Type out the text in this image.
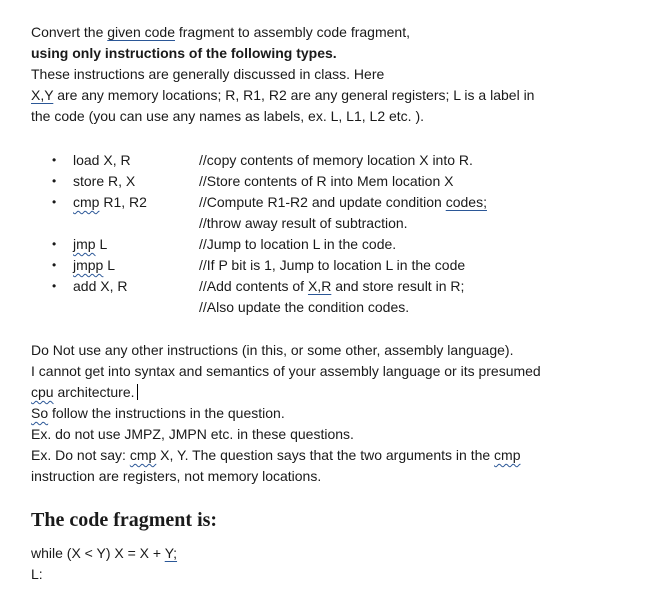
Convert the given code fragment to assembly code fragment,
using only instructions of the following types.
These instructions are generally discussed in class. Here
X,Y are any memory locations; R, R1, R2 are any general registers; L is a label in
the code (you can use any names as labels, ex. L, L1, L2 etc. ).
• load X, R	//copy contents of memory location X into R.
• store R, X	//Store contents of R into Mem location X
• cmp R1, R2	//Compute R1-R2 and update condition codes;
//throw away result of subtraction.
• jmp L	//Jump to location L in the code.
• jmpp L	//If P bit is 1, Jump to location L in the code
• add X, R	//Add contents of X,R and store result in R;
//Also update the condition codes.
Do Not use any other instructions (in this, or some other, assembly language).
I cannot get into syntax and semantics of your assembly language or its presumed
cpu architecture.
So follow the instructions in the question.
Ex. do not use JMPZ, JMPN etc. in these questions.
Ex. Do not say: cmp X, Y. The question says that the two arguments in the cmp
instruction are registers, not memory locations.
The code fragment is:
while (X < Y) X = X + Y;
L:
